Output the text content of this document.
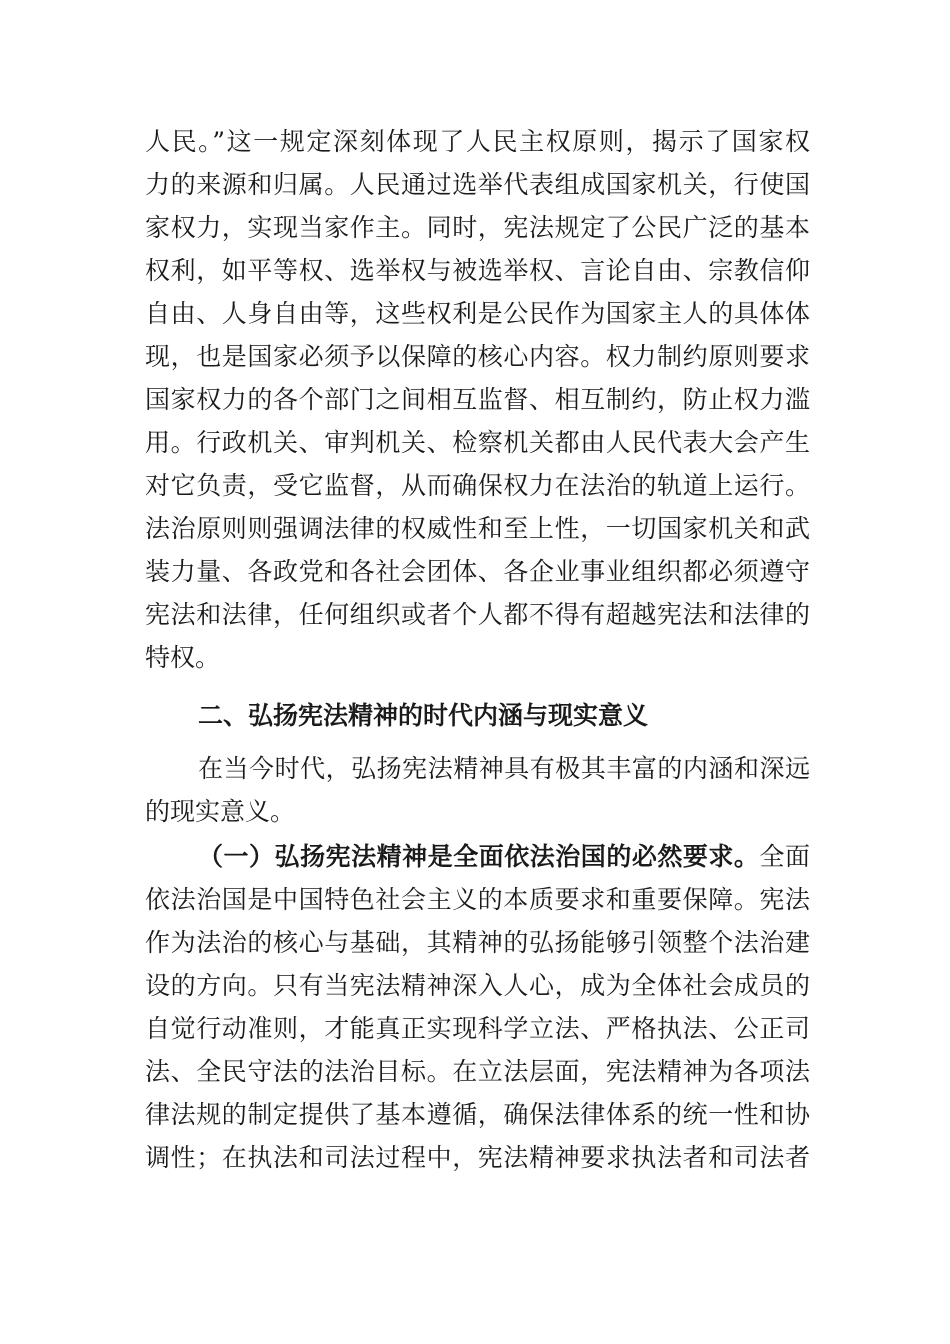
人民。”这一规定深刻体现了人民主权原则，揭示了国家权
力的来源和归属。人民通过选举代表组成国家机关，行使国
家权力，实现当家作主。同时，宪法规定了公民广泛的基本
权利，如平等权、选举权与被选举权、言论自由、宗教信仰
自由、人身自由等，这些权利是公民作为国家主人的具体体
现，也是国家必须予以保障的核心内容。权力制约原则要求
国家权力的各个部门之间相互监督、相互制约，防止权力滥
用。行政机关、审判机关、检察机关都由人民代表大会产生
对它负责，受它监督，从而确保权力在法治的轨道上运行。
法治原则则强调法律的权威性和至上性，一切国家机关和武
装力量、各政党和各社会团体、各企业事业组织都必须遵守
宪法和法律，任何组织或者个人都不得有超越宪法和法律的
特权。
二、弘扬宪法精神的时代内涵与现实意义
在当今时代，弘扬宪法精神具有极其丰富的内涵和深远
的现实意义。
（一）弘扬宪法精神是全面依法治国的必然要求。全面
依法治国是中国特色社会主义的本质要求和重要保障。宪法
作为法治的核心与基础，其精神的弘扬能够引领整个法治建
设的方向。只有当宪法精神深入人心，成为全体社会成员的
自觉行动准则，才能真正实现科学立法、严格执法、公正司
法、全民守法的法治目标。在立法层面，宪法精神为各项法
律法规的制定提供了基本遵循，确保法律体系的统一性和协
调性；在执法和司法过程中，宪法精神要求执法者和司法者
